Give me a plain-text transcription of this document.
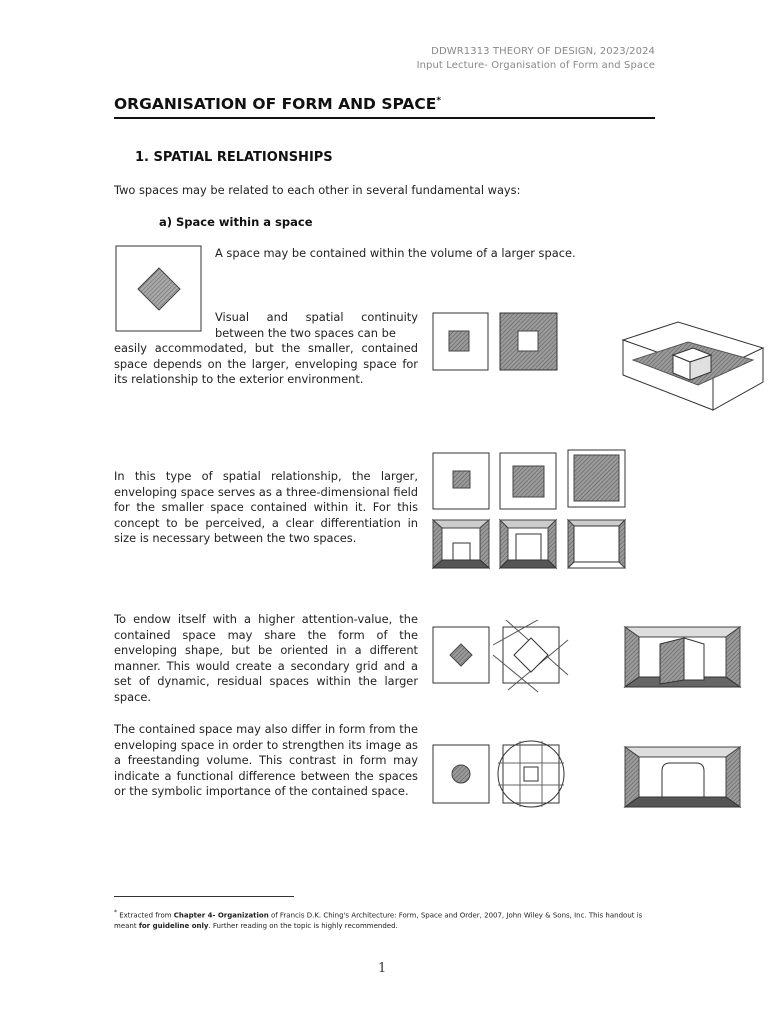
DDWR1313 THEORY OF DESIGN, 2023/2024
Input Lecture- Organisation of Form and Space
ORGANISATION OF FORM AND SPACE*
1. SPATIAL RELATIONSHIPS
Two spaces may be related to each other in several fundamental ways:
a) Space within a space
A space may be contained within the volume of a larger space.
Visual and spatial continuity between the two spaces can be
easily accommodated, but the smaller, contained space depends on the larger, enveloping space for its relationship to the exterior environment.
In this type of spatial relationship, the larger, enveloping space serves as a three-dimensional field for the smaller space contained within it. For this concept to be perceived, a clear differentiation in size is necessary between the two spaces.
To endow itself with a higher attention-value, the contained space may share the form of the enveloping shape, but be oriented in a different manner. This would create a secondary grid and a set of dynamic, residual spaces within the larger space.
The contained space may also differ in form from the enveloping space in order to strengthen its image as a freestanding volume. This contrast in form may indicate a functional difference between the spaces or the symbolic importance of the contained space.
* Extracted from Chapter 4- Organization of Francis D.K. Ching's Architecture: Form, Space and Order, 2007, John Wiley & Sons, Inc. This handout is meant for guideline only. Further reading on the topic is highly recommended.
1
